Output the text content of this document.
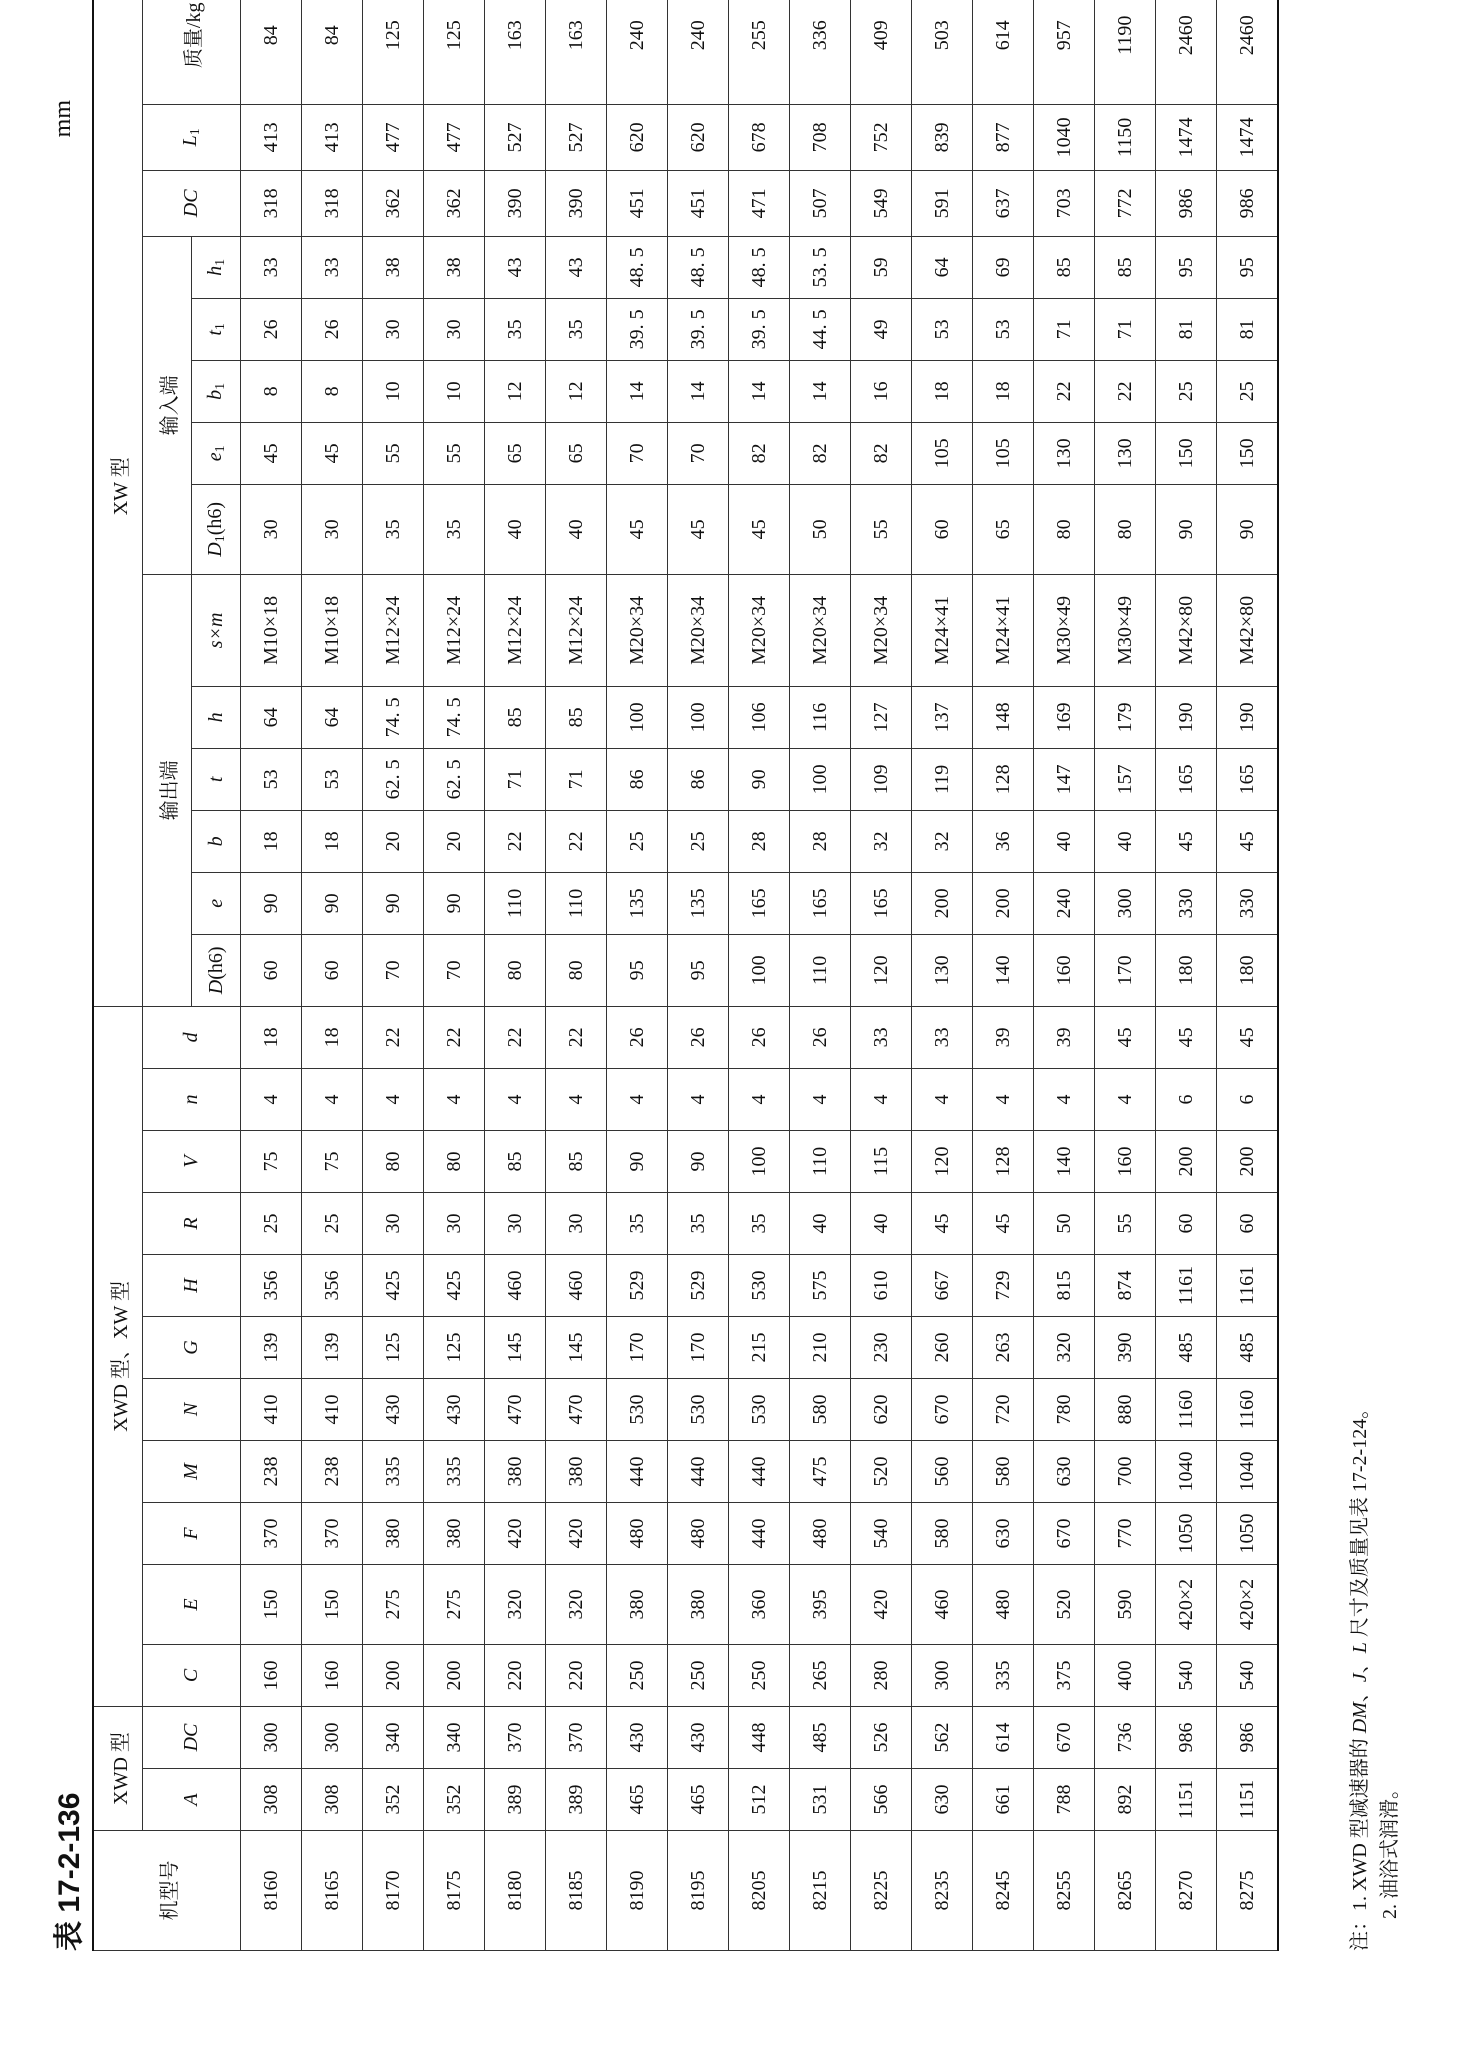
表 17-2-136
mm
机型号	XWD 型		XWD 型、XW 型											XW 型													
	A	DC	C	E	F	M	N	G	H	R	V	n	d	输出端						输入端					DC	$L_1$	质量/kg
														D(h6)	e	b	t	h	s×m	$D_1(h6)$	$e_1$	$b_1$	$t_1$	$h_1$
8160	308	300	160	150	370	238	410	139	356	25	75	4	18	60	90	18	53	64	M10×18	30	45	8	26	33	318	413	84
8165	308	300	160	150	370	238	410	139	356	25	75	4	18	60	90	18	53	64	M10×18	30	45	8	26	33	318	413	84
8170	352	340	200	275	380	335	430	125	425	30	80	4	22	70	90	20	62. 5	74. 5	M12×24	35	55	10	30	38	362	477	125
8175	352	340	200	275	380	335	430	125	425	30	80	4	22	70	90	20	62. 5	74. 5	M12×24	35	55	10	30	38	362	477	125
8180	389	370	220	320	420	380	470	145	460	30	85	4	22	80	110	22	71	85	M12×24	40	65	12	35	43	390	527	163
8185	389	370	220	320	420	380	470	145	460	30	85	4	22	80	110	22	71	85	M12×24	40	65	12	35	43	390	527	163
8190	465	430	250	380	480	440	530	170	529	35	90	4	26	95	135	25	86	100	M20×34	45	70	14	39. 5	48. 5	451	620	240
8195	465	430	250	380	480	440	530	170	529	35	90	4	26	95	135	25	86	100	M20×34	45	70	14	39. 5	48. 5	451	620	240
8205	512	448	250	360	440	440	530	215	530	35	100	4	26	100	165	28	90	106	M20×34	45	82	14	39. 5	48. 5	471	678	255
8215	531	485	265	395	480	475	580	210	575	40	110	4	26	110	165	28	100	116	M20×34	50	82	14	44. 5	53. 5	507	708	336
8225	566	526	280	420	540	520	620	230	610	40	115	4	33	120	165	32	109	127	M20×34	55	82	16	49	59	549	752	409
8235	630	562	300	460	580	560	670	260	667	45	120	4	33	130	200	32	119	137	M24×41	60	105	18	53	64	591	839	503
8245	661	614	335	480	630	580	720	263	729	45	128	4	39	140	200	36	128	148	M24×41	65	105	18	53	69	637	877	614
8255	788	670	375	520	670	630	780	320	815	50	140	4	39	160	240	40	147	169	M30×49	80	130	22	71	85	703	1040	957
8265	892	736	400	590	770	700	880	390	874	55	160	4	45	170	300	40	157	179	M30×49	80	130	22	71	85	772	1150	1190
8270	1151	986	540	420×2	1050	1040	1160	485	1161	60	200	6	45	180	330	45	165	190	M42×80	90	150	25	81	95	986	1474	2460
8275	1151	986	540	420×2	1050	1040	1160	485	1161	60	200	6	45	180	330	45	165	190	M42×80	90	150	25	81	95	986	1474	2460
注：1. XWD 型减速器的 DM、J、L 尺寸及质量见表 17-2-124。
2. 油浴式润滑。
